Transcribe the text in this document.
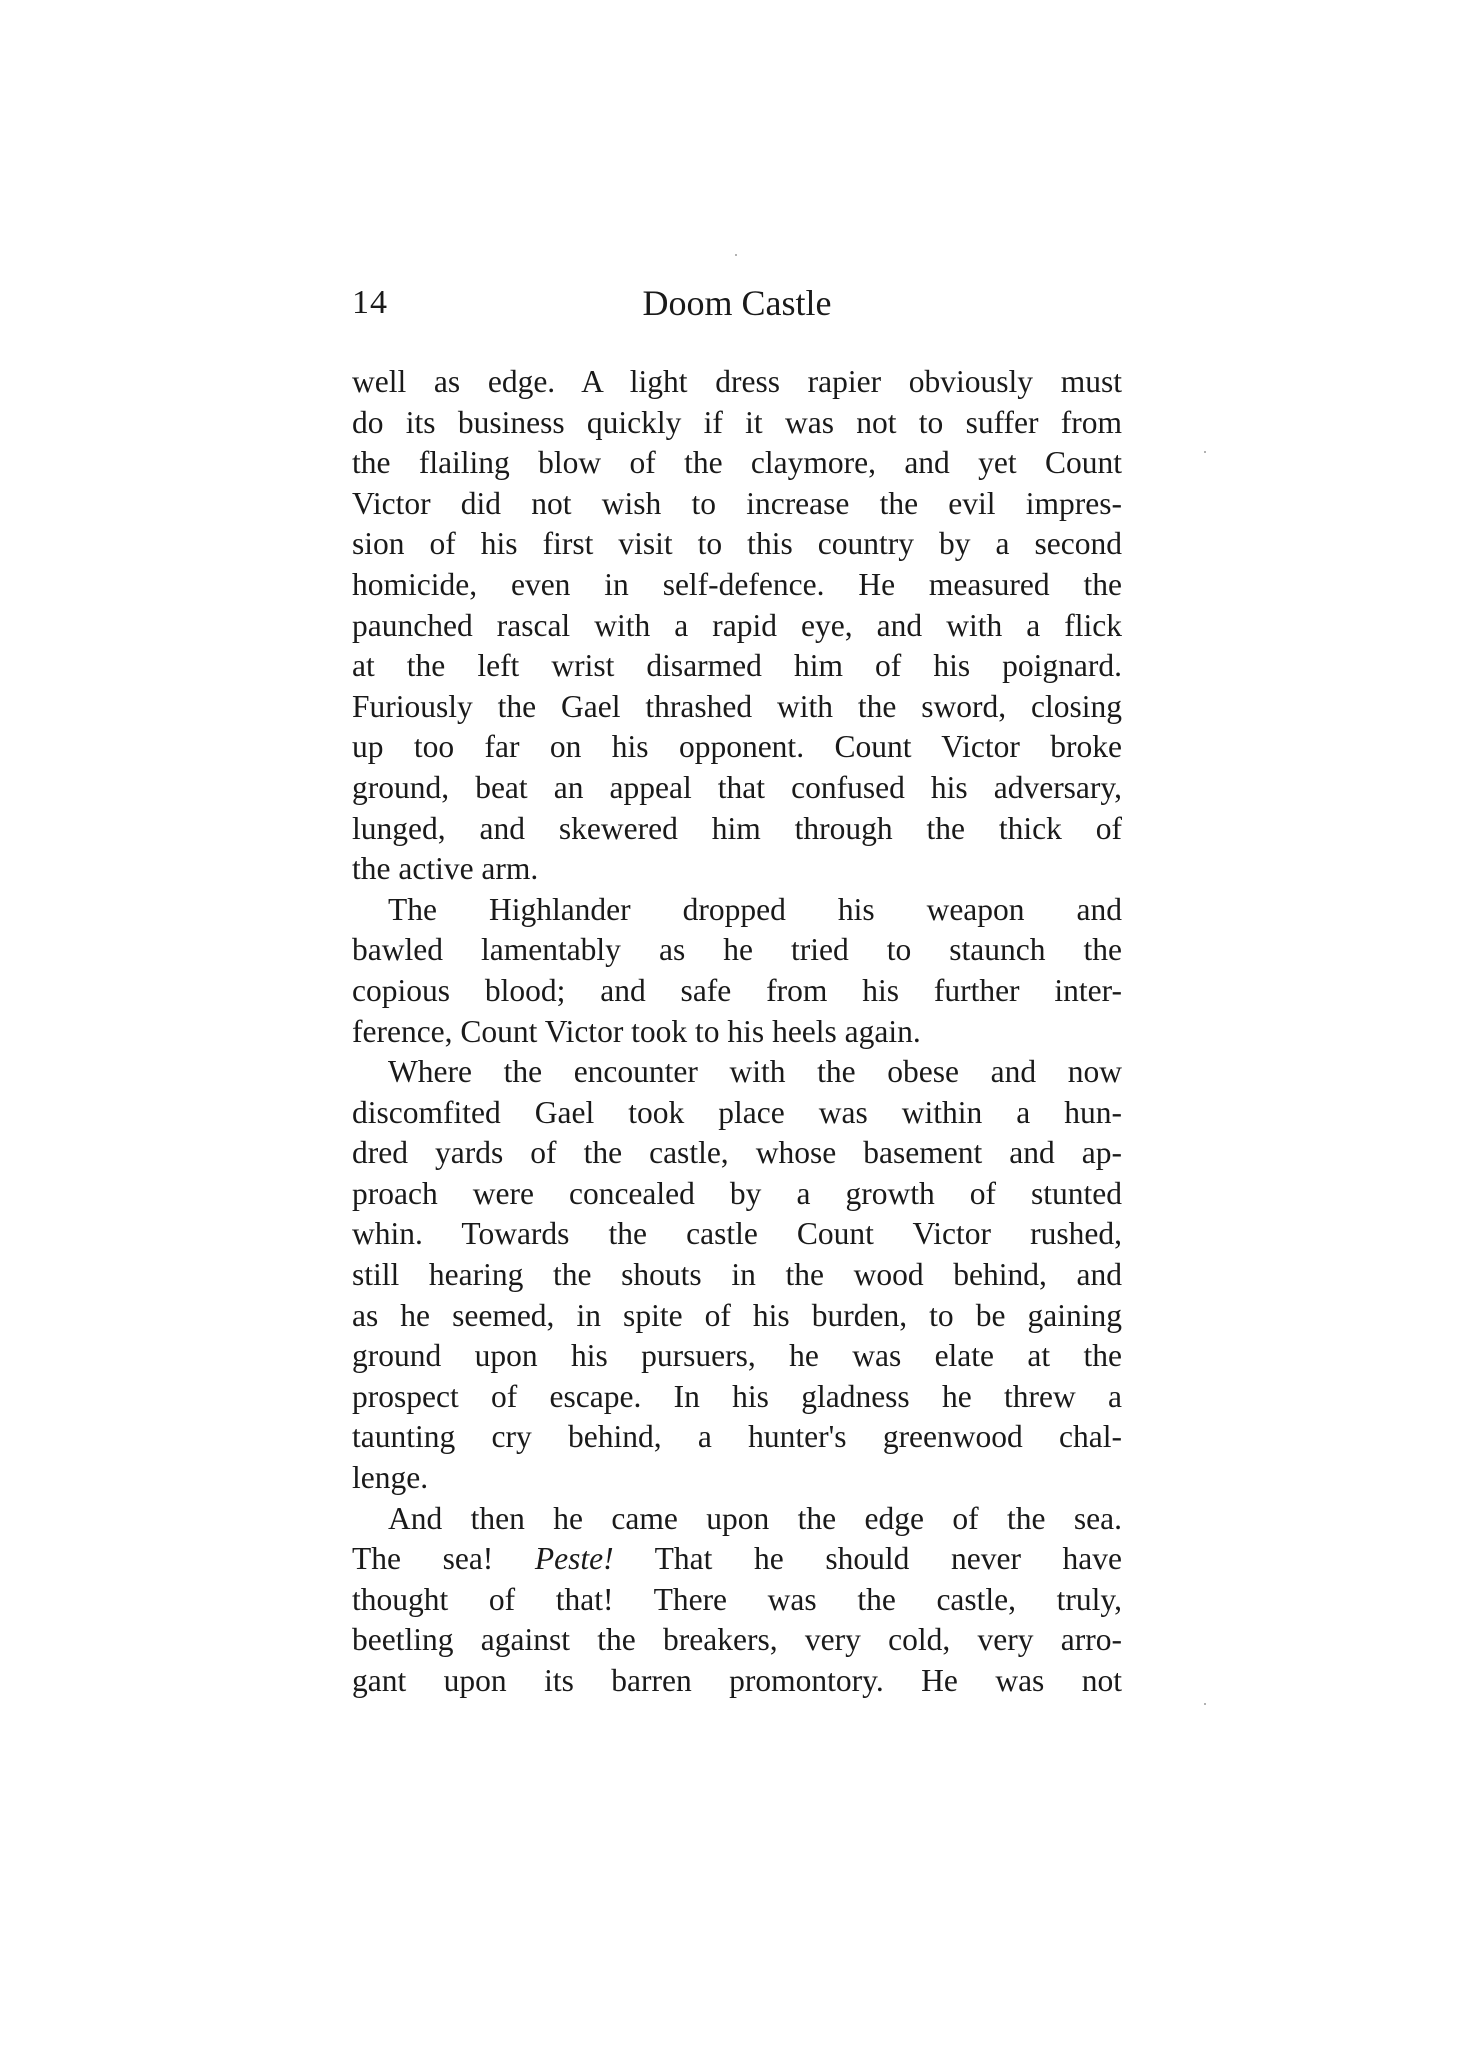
14	Doom Castle
well as edge. A light dress rapier obviously must
do its business quickly if it was not to suffer from
the flailing blow of the claymore, and yet Count
Victor did not wish to increase the evil impres-
sion of his first visit to this country by a second
homicide, even in self-defence. He measured the
paunched rascal with a rapid eye, and with a flick
at the left wrist disarmed him of his poignard.
Furiously the Gael thrashed with the sword, closing
up too far on his opponent. Count Victor broke
ground, beat an appeal that confused his adversary,
lunged, and skewered him through the thick of
the active arm.
The Highlander dropped his weapon and
bawled lamentably as he tried to staunch the
copious blood; and safe from his further inter-
ference, Count Victor took to his heels again.
Where the encounter with the obese and now
discomfited Gael took place was within a hun-
dred yards of the castle, whose basement and ap-
proach were concealed by a growth of stunted
whin. Towards the castle Count Victor rushed,
still hearing the shouts in the wood behind, and
as he seemed, in spite of his burden, to be gaining
ground upon his pursuers, he was elate at the
prospect of escape. In his gladness he threw a
taunting cry behind, a hunter's greenwood chal-
lenge.
And then he came upon the edge of the sea.
The sea! Peste! That he should never have
thought of that! There was the castle, truly,
beetling against the breakers, very cold, very arro-
gant upon its barren promontory. He was not
